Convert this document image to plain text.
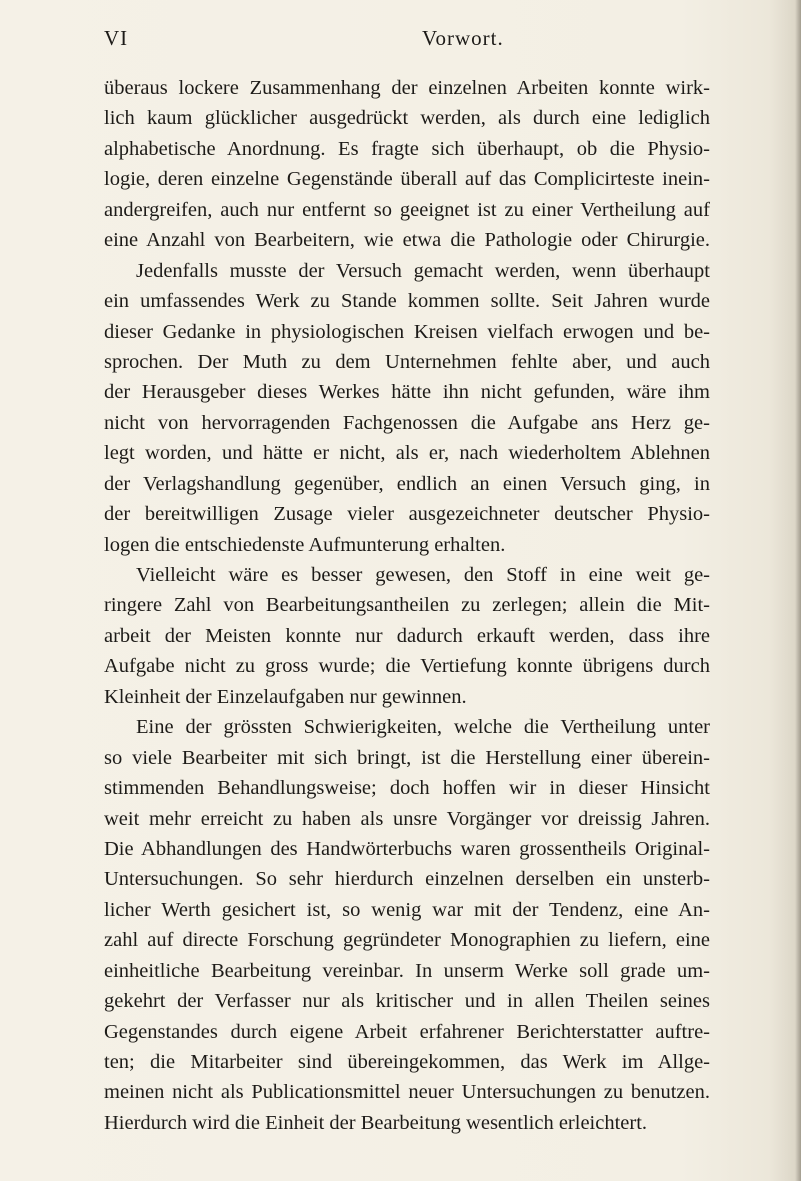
VI	Vorwort.
überaus lockere Zusammenhang der einzelnen Arbeiten konnte wirk-
lich kaum glücklicher ausgedrückt werden, als durch eine lediglich
alphabetische Anordnung. Es fragte sich überhaupt, ob die Physio-
logie, deren einzelne Gegenstände überall auf das Complicirteste inein-
andergreifen, auch nur entfernt so geeignet ist zu einer Vertheilung auf
eine Anzahl von Bearbeitern, wie etwa die Pathologie oder Chirurgie.
Jedenfalls musste der Versuch gemacht werden, wenn überhaupt
ein umfassendes Werk zu Stande kommen sollte. Seit Jahren wurde
dieser Gedanke in physiologischen Kreisen vielfach erwogen und be-
sprochen. Der Muth zu dem Unternehmen fehlte aber, und auch
der Herausgeber dieses Werkes hätte ihn nicht gefunden, wäre ihm
nicht von hervorragenden Fachgenossen die Aufgabe ans Herz ge-
legt worden, und hätte er nicht, als er, nach wiederholtem Ablehnen
der Verlagshandlung gegenüber, endlich an einen Versuch ging, in
der bereitwilligen Zusage vieler ausgezeichneter deutscher Physio-
logen die entschiedenste Aufmunterung erhalten.
Vielleicht wäre es besser gewesen, den Stoff in eine weit ge-
ringere Zahl von Bearbeitungsantheilen zu zerlegen; allein die Mit-
arbeit der Meisten konnte nur dadurch erkauft werden, dass ihre
Aufgabe nicht zu gross wurde; die Vertiefung konnte übrigens durch
Kleinheit der Einzelaufgaben nur gewinnen.
Eine der grössten Schwierigkeiten, welche die Vertheilung unter
so viele Bearbeiter mit sich bringt, ist die Herstellung einer überein-
stimmenden Behandlungsweise; doch hoffen wir in dieser Hinsicht
weit mehr erreicht zu haben als unsre Vorgänger vor dreissig Jahren.
Die Abhandlungen des Handwörterbuchs waren grossentheils Original-
Untersuchungen. So sehr hierdurch einzelnen derselben ein unsterb-
licher Werth gesichert ist, so wenig war mit der Tendenz, eine An-
zahl auf directe Forschung gegründeter Monographien zu liefern, eine
einheitliche Bearbeitung vereinbar. In unserm Werke soll grade um-
gekehrt der Verfasser nur als kritischer und in allen Theilen seines
Gegenstandes durch eigene Arbeit erfahrener Berichterstatter auftre-
ten; die Mitarbeiter sind übereingekommen, das Werk im Allge-
meinen nicht als Publicationsmittel neuer Untersuchungen zu benutzen.
Hierdurch wird die Einheit der Bearbeitung wesentlich erleichtert.
